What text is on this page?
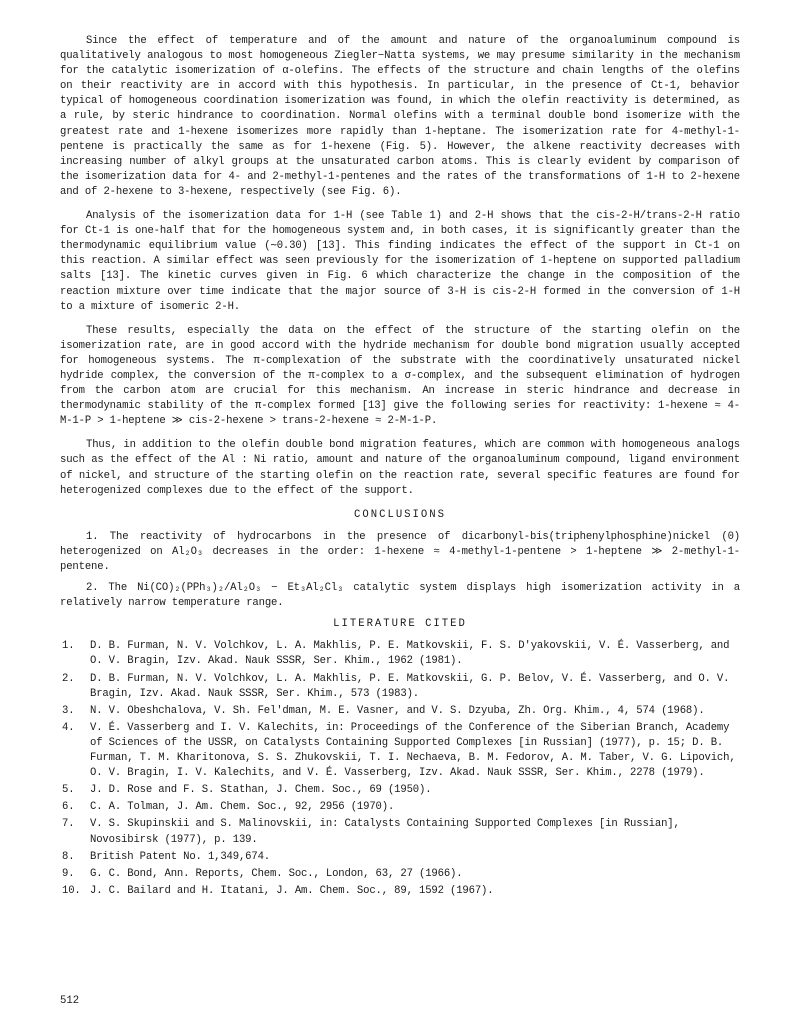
Since the effect of temperature and of the amount and nature of the organoaluminum compound is qualitatively analogous to most homogeneous Ziegler−Natta systems, we may presume similarity in the mechanism for the catalytic isomerization of α-olefins. The effects of the structure and chain lengths of the olefins on their reactivity are in accord with this hypothesis. In particular, in the presence of Ct-1, behavior typical of homogeneous coordination isomerization was found, in which the olefin reactivity is determined, as a rule, by steric hindrance to coordination. Normal olefins with a terminal double bond isomerize with the greatest rate and 1-hexene isomerizes more rapidly than 1-heptane. The isomerization rate for 4-methyl-1-pentene is practically the same as for 1-hexene (Fig. 5). However, the alkene reactivity decreases with increasing number of alkyl groups at the unsaturated carbon atoms. This is clearly evident by comparison of the isomerization data for 4- and 2-methyl-1-pentenes and the rates of the transformations of 1-H to 2-hexene and of 2-hexene to 3-hexene, respectively (see Fig. 6).

Analysis of the isomerization data for 1-H (see Table 1) and 2-H shows that the cis-2-H/trans-2-H ratio for Ct-1 is one-half that for the homogeneous system and, in both cases, it is significantly greater than the thermodynamic equilibrium value (∼0.30) [13]. This finding indicates the effect of the support in Ct-1 on this reaction. A similar effect was seen previously for the isomerization of 1-heptene on supported palladium salts [13]. The kinetic curves given in Fig. 6 which characterize the change in the composition of the reaction mixture over time indicate that the major source of 3-H is cis-2-H formed in the conversion of 1-H to a mixture of isomeric 2-H.

These results, especially the data on the effect of the structure of the starting olefin on the isomerization rate, are in good accord with the hydride mechanism for double bond migration usually accepted for homogeneous systems. The π-complexation of the substrate with the coordinatively unsaturated nickel hydride complex, the conversion of the π-complex to a σ-complex, and the subsequent elimination of hydrogen from the carbon atom are crucial for this mechanism. An increase in steric hindrance and decrease in thermodynamic stability of the π-complex formed [13] give the following series for reactivity: 1-hexene ≈ 4-M-1-P > 1-heptene ≫ cis-2-hexene > trans-2-hexene ≈ 2-M-1-P.

Thus, in addition to the olefin double bond migration features, which are common with homogeneous analogs such as the effect of the Al : Ni ratio, amount and nature of the organoaluminum compound, ligand environment of nickel, and structure of the starting olefin on the reaction rate, several specific features are found for heterogenized complexes due to the effect of the support.

CONCLUSIONS

1. The reactivity of hydrocarbons in the presence of dicarbonyl-bis(triphenylphosphine)nickel (0) heterogenized on Al₂O₃ decreases in the order: 1-hexene ≈ 4-methyl-1-pentene > 1-heptene ≫ 2-methyl-1-pentene.

2. The Ni(CO)₂(PPh₃)₂/Al₂O₃ − Et₃Al₂Cl₃ catalytic system displays high isomerization activity in a relatively narrow temperature range.

LITERATURE CITED
1.	D. B. Furman, N. V. Volchkov, L. A. Makhlis, P. E. Matkovskii, F. S. D'yakovskii, V. É. Vasserberg, and O. V. Bragin, Izv. Akad. Nauk SSSR, Ser. Khim., 1962 (1981).
2.	D. B. Furman, N. V. Volchkov, L. A. Makhlis, P. E. Matkovskii, G. P. Belov, V. É. Vasserberg, and O. V. Bragin, Izv. Akad. Nauk SSSR, Ser. Khim., 573 (1983).
3.	N. V. Obeshchalova, V. Sh. Fel'dman, M. E. Vasner, and V. S. Dzyuba, Zh. Org. Khim., 4, 574 (1968).
4.	V. É. Vasserberg and I. V. Kalechits, in: Proceedings of the Conference of the Siberian Branch, Academy of Sciences of the USSR, on Catalysts Containing Supported Complexes [in Russian] (1977), p. 15; D. B. Furman, T. M. Kharitonova, S. S. Zhukovskii, T. I. Nechaeva, B. M. Fedorov, A. M. Taber, V. G. Lipovich, O. V. Bragin, I. V. Kalechits, and V. É. Vasserberg, Izv. Akad. Nauk SSSR, Ser. Khim., 2278 (1979).
5.	J. D. Rose and F. S. Stathan, J. Chem. Soc., 69 (1950).
6.	C. A. Tolman, J. Am. Chem. Soc., 92, 2956 (1970).
7.	V. S. Skupinskii and S. Malinovskii, in: Catalysts Containing Supported Complexes [in Russian], Novosibirsk (1977), p. 139.
8.	British Patent No. 1,349,674.
9.	G. C. Bond, Ann. Reports, Chem. Soc., London, 63, 27 (1966).
10. J. C. Bailard and H. Itatani, J. Am. Chem. Soc., 89, 1592 (1967).
512
